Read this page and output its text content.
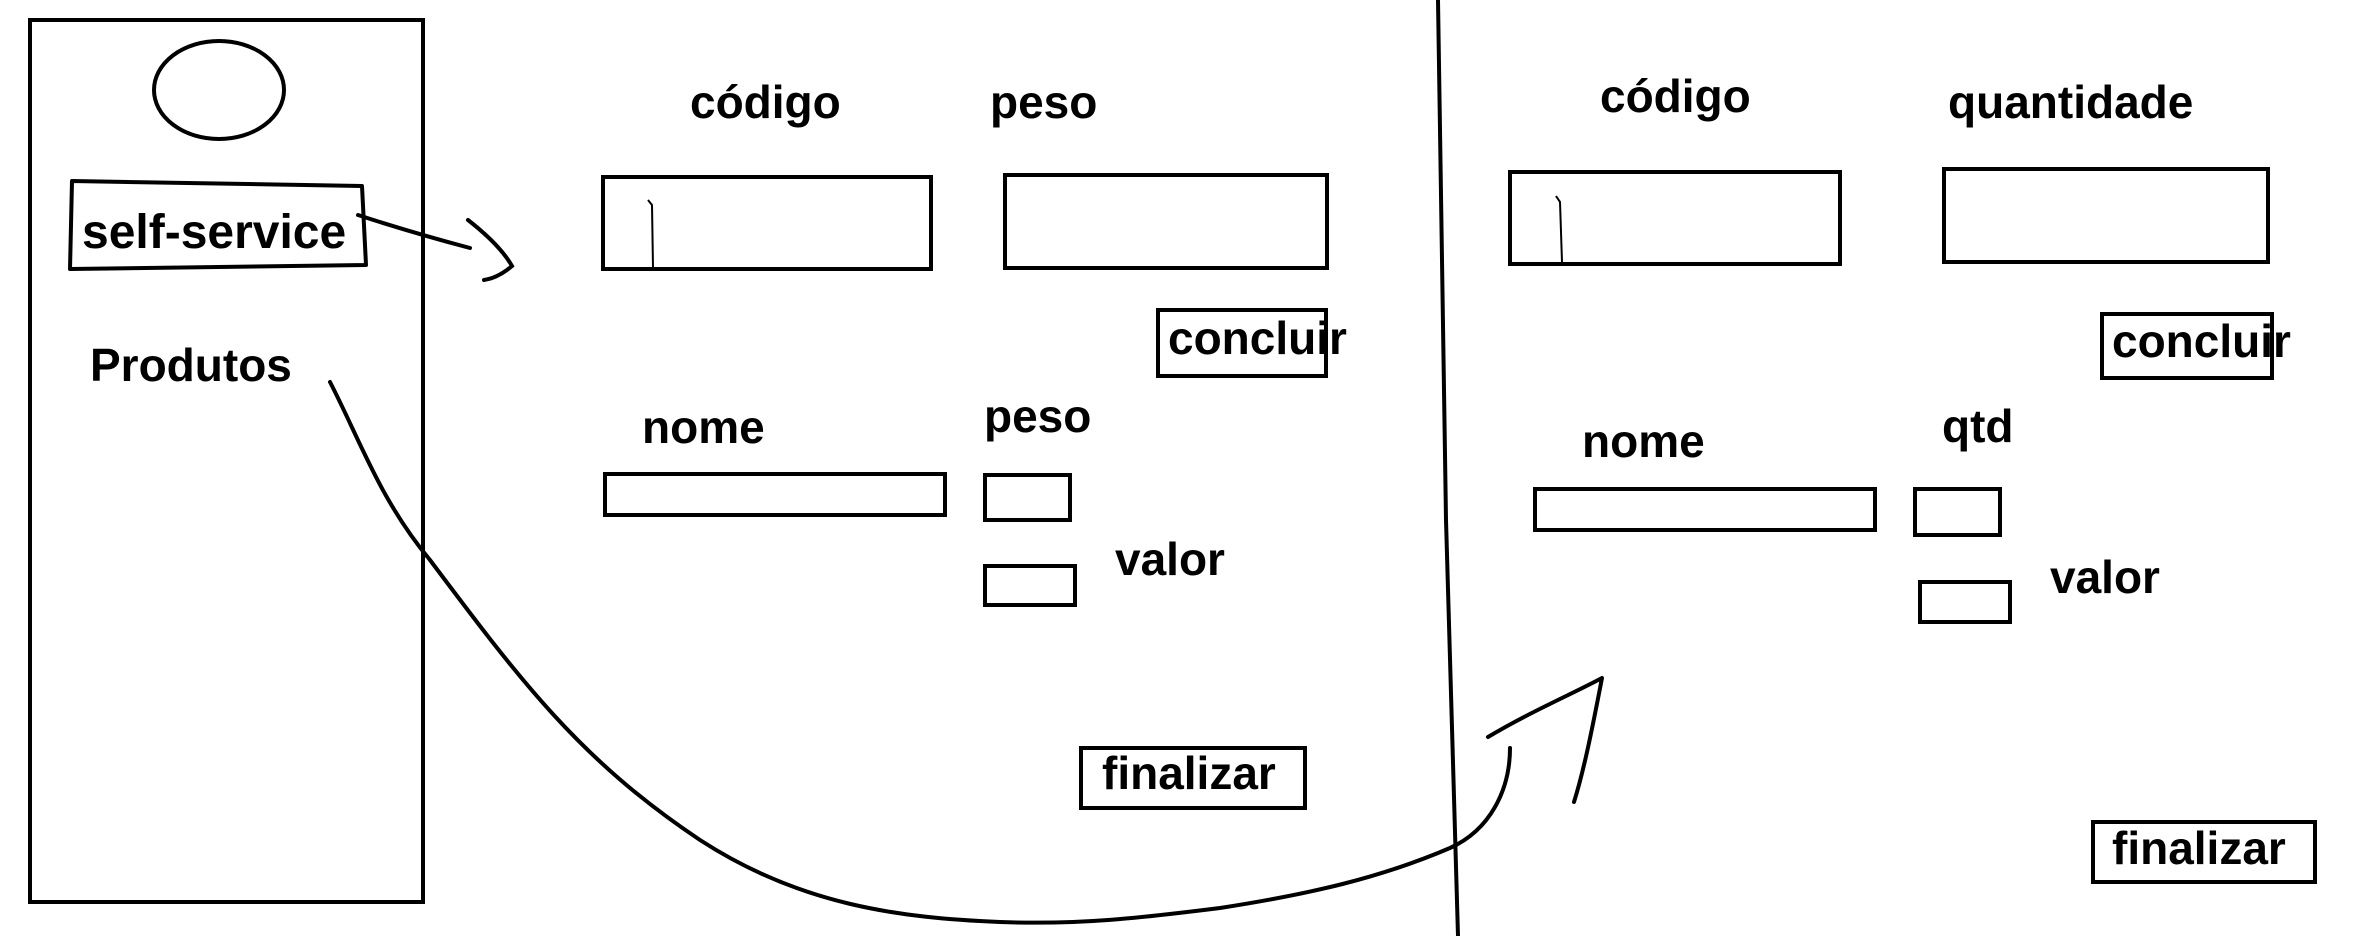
self-service
Produtos
código	peso
concluir
nome	peso
valor
finalizar
código	quantidade
concluir
nome	qtd
valor
finalizar
